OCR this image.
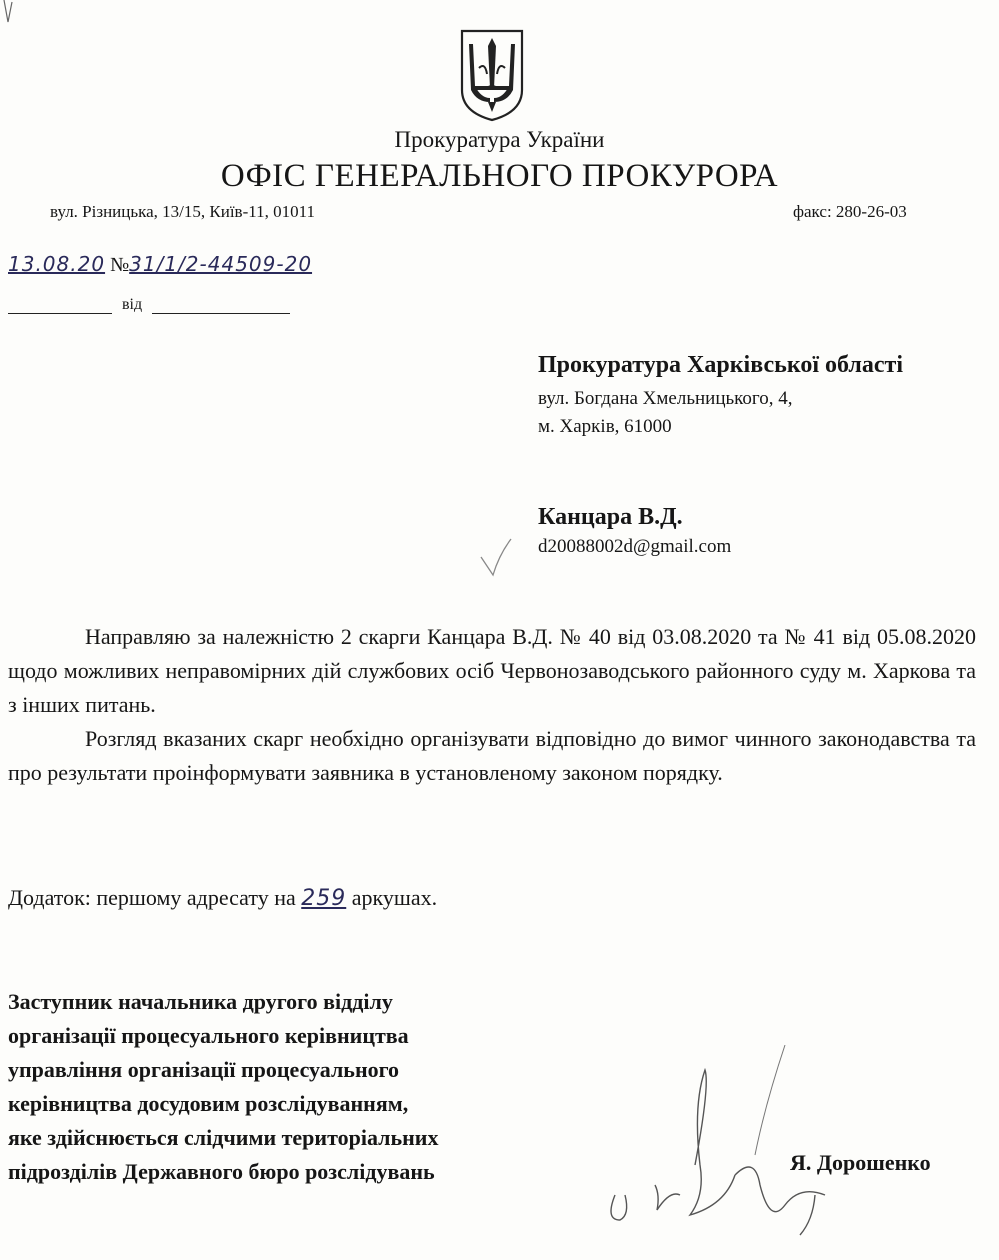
Прокуратура України
ОФІС ГЕНЕРАЛЬНОГО ПРОКУРОРА
вул. Різницька, 13/15, Київ-11, 01011	факс: 280-26-03
13.08.20 №31/1/2-44509-20
від
Прокуратура Харківської області
вул. Богдана Хмельницького, 4,
м. Харків, 61000
Канцара В.Д.
d20088002d@gmail.com

Направляю за належністю 2 скарги Канцара В.Д. № 40 від 03.08.2020 та № 41 від 05.08.2020 щодо можливих неправомірних дій службових осіб Червонозаводського районного суду м. Харкова та з інших питань.

Розгляд вказаних скарг необхідно організувати відповідно до вимог чинного законодавства та про результати проінформувати заявника в установленому законом порядку.

Додаток: першому адресату на 259 аркушах.
Заступник начальника другого відділу
організації процесуального керівництва
управління організації процесуального
керівництва досудовим розслідуванням,
яке здійснюється слідчими територіальних
підрозділів Державного бюро розслідувань	Я. Дорошенко
